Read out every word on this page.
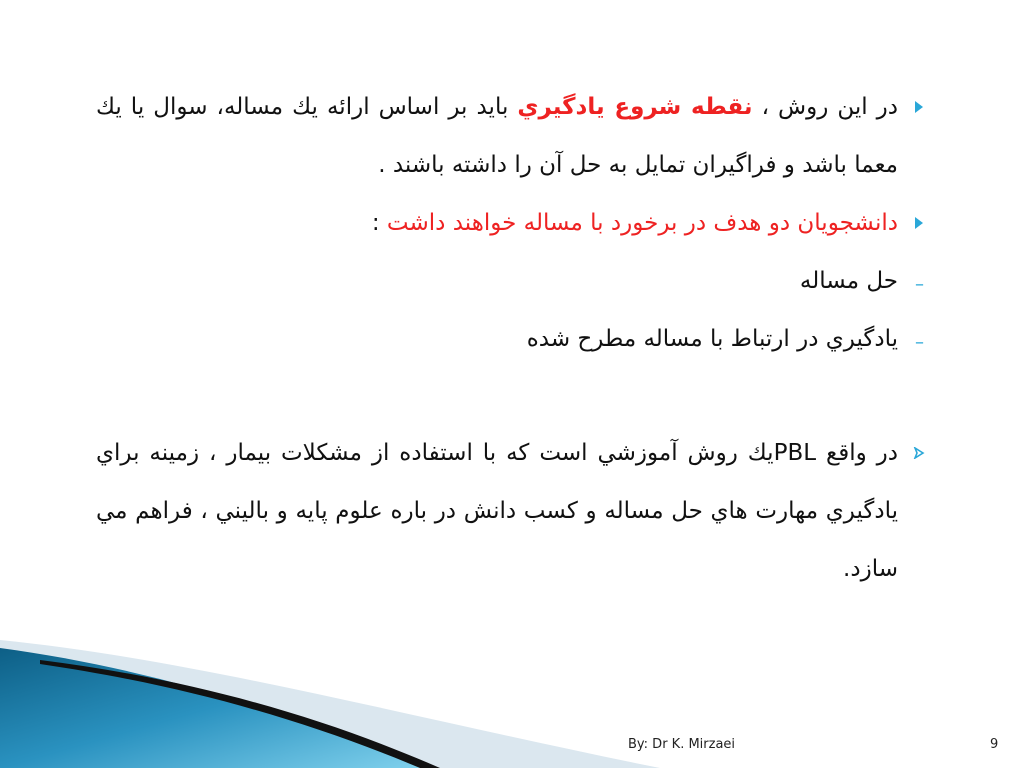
در اين روش ، نقطه شروع يادگيري بايد بر اساس ارائه يك مساله، سوال يا يك معما باشد و فراگيران تمايل به حل آن را داشته باشند .
دانشجويان دو هدف در برخورد با مساله خواهند داشت :
–
حل مساله
–
يادگيري در ارتباط با مساله مطرح شده
در واقع PBLيك روش آموزشي است كه با استفاده از مشكلات بيمار ، زمينه براي يادگيري مهارت هاي حل مساله و كسب دانش در باره علوم پايه و باليني ، فراهم مي سازد.
By: Dr K. Mirzaei	9
